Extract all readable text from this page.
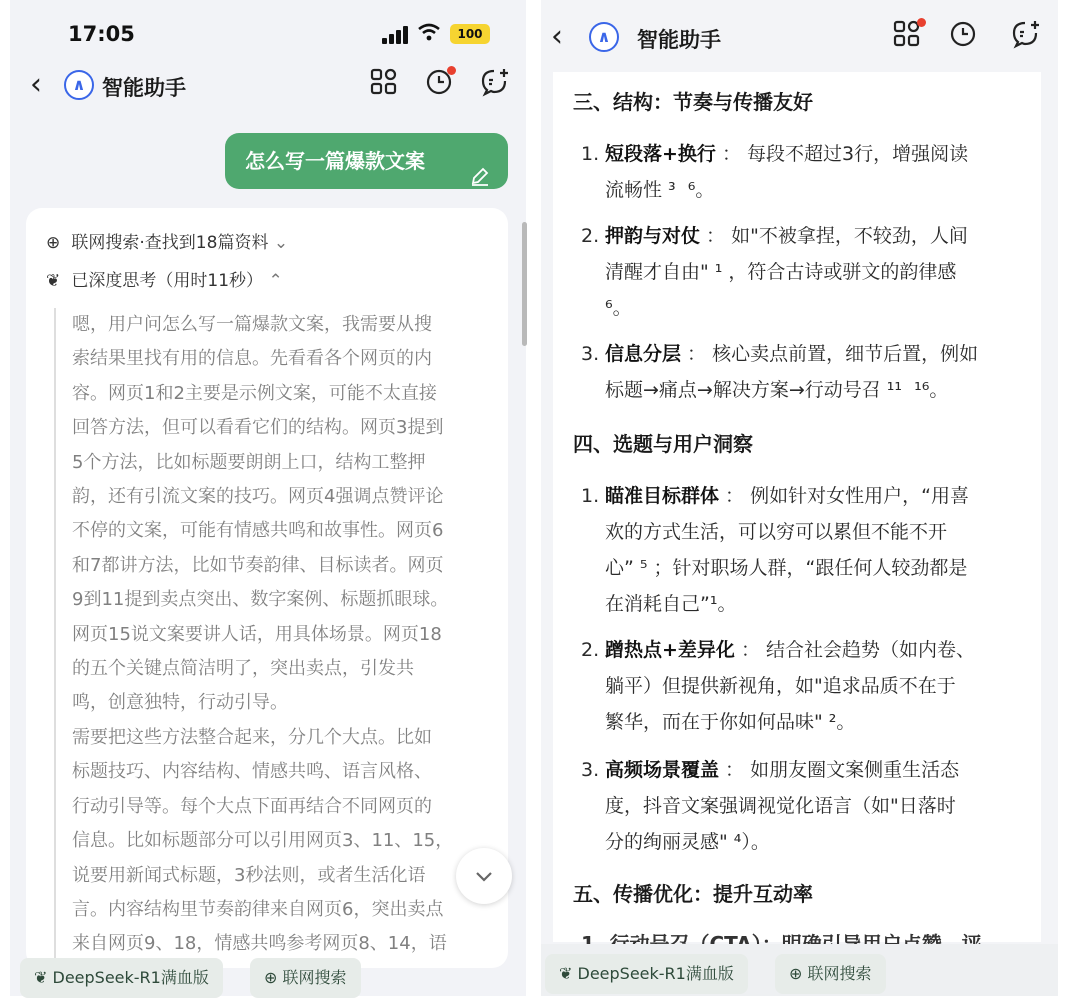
17:05	100
‹	∧ 智能助手
怎么写一篇爆款文案
⊕ 联网搜索·查找到18篇资料 ⌄
❦ 已深度思考（用时11秒） ⌃

嗯，用户问怎么写一篇爆款文案，我需要从搜

索结果里找有用的信息。先看看各个网页的内

容。网页1和2主要是示例文案，可能不太直接

回答方法，但可以看看它们的结构。网页3提到

5个方法，比如标题要朗朗上口，结构工整押

韵，还有引流文案的技巧。网页4强调点赞评论

不停的文案，可能有情感共鸣和故事性。网页6

和7都讲方法，比如节奏韵律、目标读者。网页

9到11提到卖点突出、数字案例、标题抓眼球。

网页15说文案要讲人话，用具体场景。网页18

的五个关键点简洁明了，突出卖点，引发共

鸣，创意独特，行动引导。

需要把这些方法整合起来，分几个大点。比如

标题技巧、内容结构、情感共鸣、语言风格、

行动引导等。每个大点下面再结合不同网页的

信息。比如标题部分可以引用网页3、11、15，

说要用新闻式标题，3秒法则，或者生活化语

言。内容结构里节奏韵律来自网页6，突出卖点

来自网页9、18，情感共鸣参考网页8、14，语

❦ DeepSeek-R1满血版	⊕ 联网搜索
‹	∧	智能助手
三、结构：节奏与传播友好
1. 短段落+换行 ： 每段不超过3行，增强阅读
流畅性 ³  ⁶。
2. 押韵与对仗 ： 如"不被拿捏，不较劲，人间
清醒才自由" ¹ ，符合古诗或骈文的韵律感
⁶。
3. 信息分层 ： 核心卖点前置，细节后置，例如
标题→痛点→解决方案→行动号召 ¹¹  ¹⁶。
四、选题与用户洞察
1. 瞄准目标群体 ： 例如针对女性用户，“用喜
欢的方式生活，可以穷可以累但不能不开
心” ⁵ ；针对职场人群，“跟任何人较劲都是
在消耗自己”¹。
2. 蹭热点+差异化 ： 结合社会趋势（如内卷、
躺平）但提供新视角，如"追求品质不在于
繁华，而在于你如何品味" ²。
3. 高频场景覆盖 ： 如朋友圈文案侧重生活态
度，抖音文案强调视觉化语言（如"日落时
分的绚丽灵感" ⁴）。
五、传播优化：提升互动率
❦ DeepSeek-R1满血版	⊕ 联网搜索
